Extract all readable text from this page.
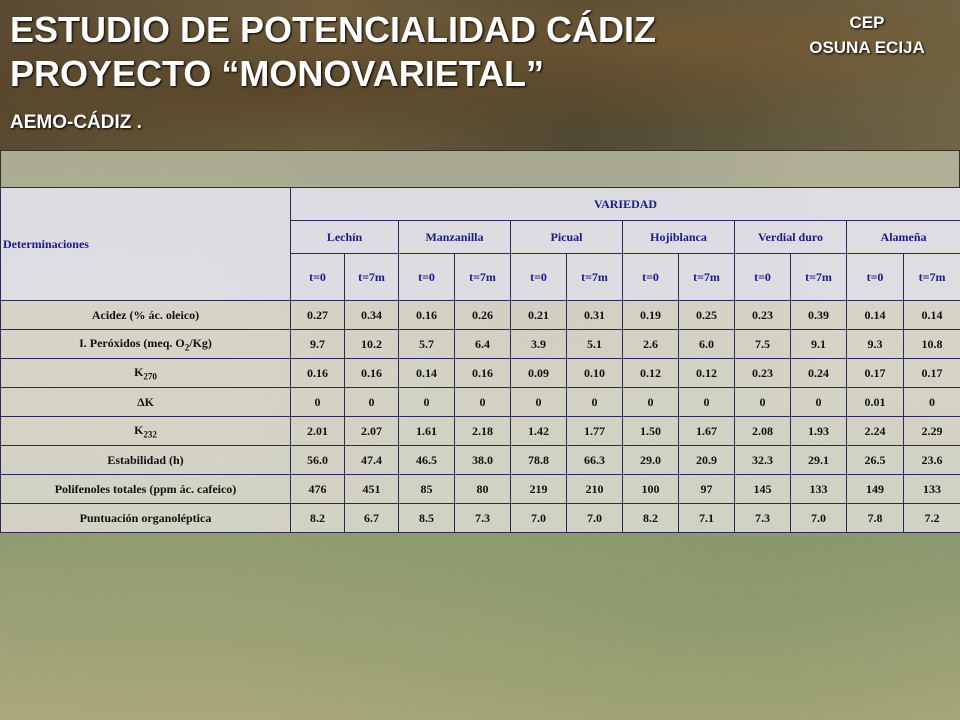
ESTUDIO DE POTENCIALIDAD CÁDIZ
PROYECTO “MONOVARIETAL”
AEMO-CÁDIZ .
CEP
OSUNA ECIJA
Determinaciones	VARIEDAD											
	Lechín		Manzanilla		Picual		Hojiblanca		Verdial duro		Alameña	
	t=0	t=7m	t=0	t=7m	t=0	t=7m	t=0	t=7m	t=0	t=7m	t=0	t=7m
Acidez (% ác. oleico)	0.27	0.34	0.16	0.26	0.21	0.31	0.19	0.25	0.23	0.39	0.14	0.14
I. Peróxidos (meq. $O_2/Kg$)	9.7	10.2	5.7	6.4	3.9	5.1	2.6	6.0	7.5	9.1	9.3	10.8
$K_{270}$	0.16	0.16	0.14	0.16	0.09	0.10	0.12	0.12	0.23	0.24	0.17	0.17
ΔK	0	0	0	0	0	0	0	0	0	0	0.01	0
$K_{232}$	2.01	2.07	1.61	2.18	1.42	1.77	1.50	1.67	2.08	1.93	2.24	2.29
Estabilidad (h)	56.0	47.4	46.5	38.0	78.8	66.3	29.0	20.9	32.3	29.1	26.5	23.6
Polifenoles totales (ppm ác. cafeico)	476	451	85	80	219	210	100	97	145	133	149	133
Puntuación organoléptica	8.2	6.7	8.5	7.3	7.0	7.0	8.2	7.1	7.3	7.0	7.8	7.2
